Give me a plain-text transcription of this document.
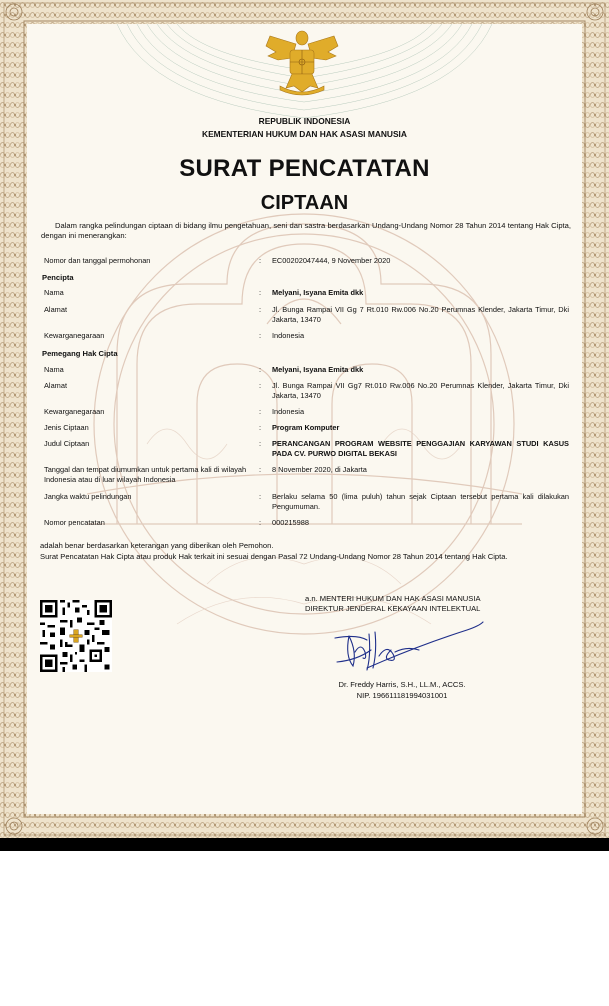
REPUBLIK INDONESIA
KEMENTERIAN HUKUM DAN HAK ASASI MANUSIA
SURAT PENCATATAN
CIPTAAN
Dalam rangka pelindungan ciptaan di bidang ilmu pengetahuan, seni dan sastra berdasarkan Undang-Undang Nomor 28 Tahun 2014 tentang Hak Cipta, dengan ini menerangkan:
Nomor dan tanggal permohonan	: EC00202047444, 9 November 2020
Pencipta
Nama	: Melyani, Isyana Emita dkk
Alamat	: Jl. Bunga Rampai VII Gg 7 Rt.010 Rw.006 No.20 Perumnas Klender, Jakarta Timur, Dki Jakarta, 13470
Kewarganegaraan	: Indonesia
Pemegang Hak Cipta
Nama	: Melyani, Isyana Emita dkk
Alamat	: Jl. Bunga Rampai VII Gg7 Rt.010 Rw.006 No.20 Perumnas Klender, Jakarta Timur, Dki Jakarta, 13470
Kewarganegaraan	: Indonesia
Jenis Ciptaan	: Program Komputer
Judul Ciptaan	: PERANCANGAN PROGRAM WEBSITE PENGGAJIAN KARYAWAN STUDI KASUS PADA CV. PURWO DIGITAL BEKASI
Tanggal dan tempat diumumkan untuk pertama kali di wilayah Indonesia atau di luar wilayah Indonesia
: 8 November 2020, di Jakarta
Jangka waktu pelindungan	: Berlaku selama 50 (lima puluh) tahun sejak Ciptaan tersebut pertama kali dilakukan Pengumuman.
Nomor pencatatan	: 000215988
adalah benar berdasarkan keterangan yang diberikan oleh Pemohon.
Surat Pencatatan Hak Cipta atau produk Hak terkait ini sesuai dengan Pasal 72 Undang-Undang Nomor 28 Tahun 2014 tentang Hak Cipta.
a.n. MENTERI HUKUM DAN HAK ASASI MANUSIA
DIREKTUR JENDERAL KEKAYAAN INTELEKTUAL
Dr. Freddy Harris, S.H., LL.M., ACCS.
NIP. 196611181994031001
